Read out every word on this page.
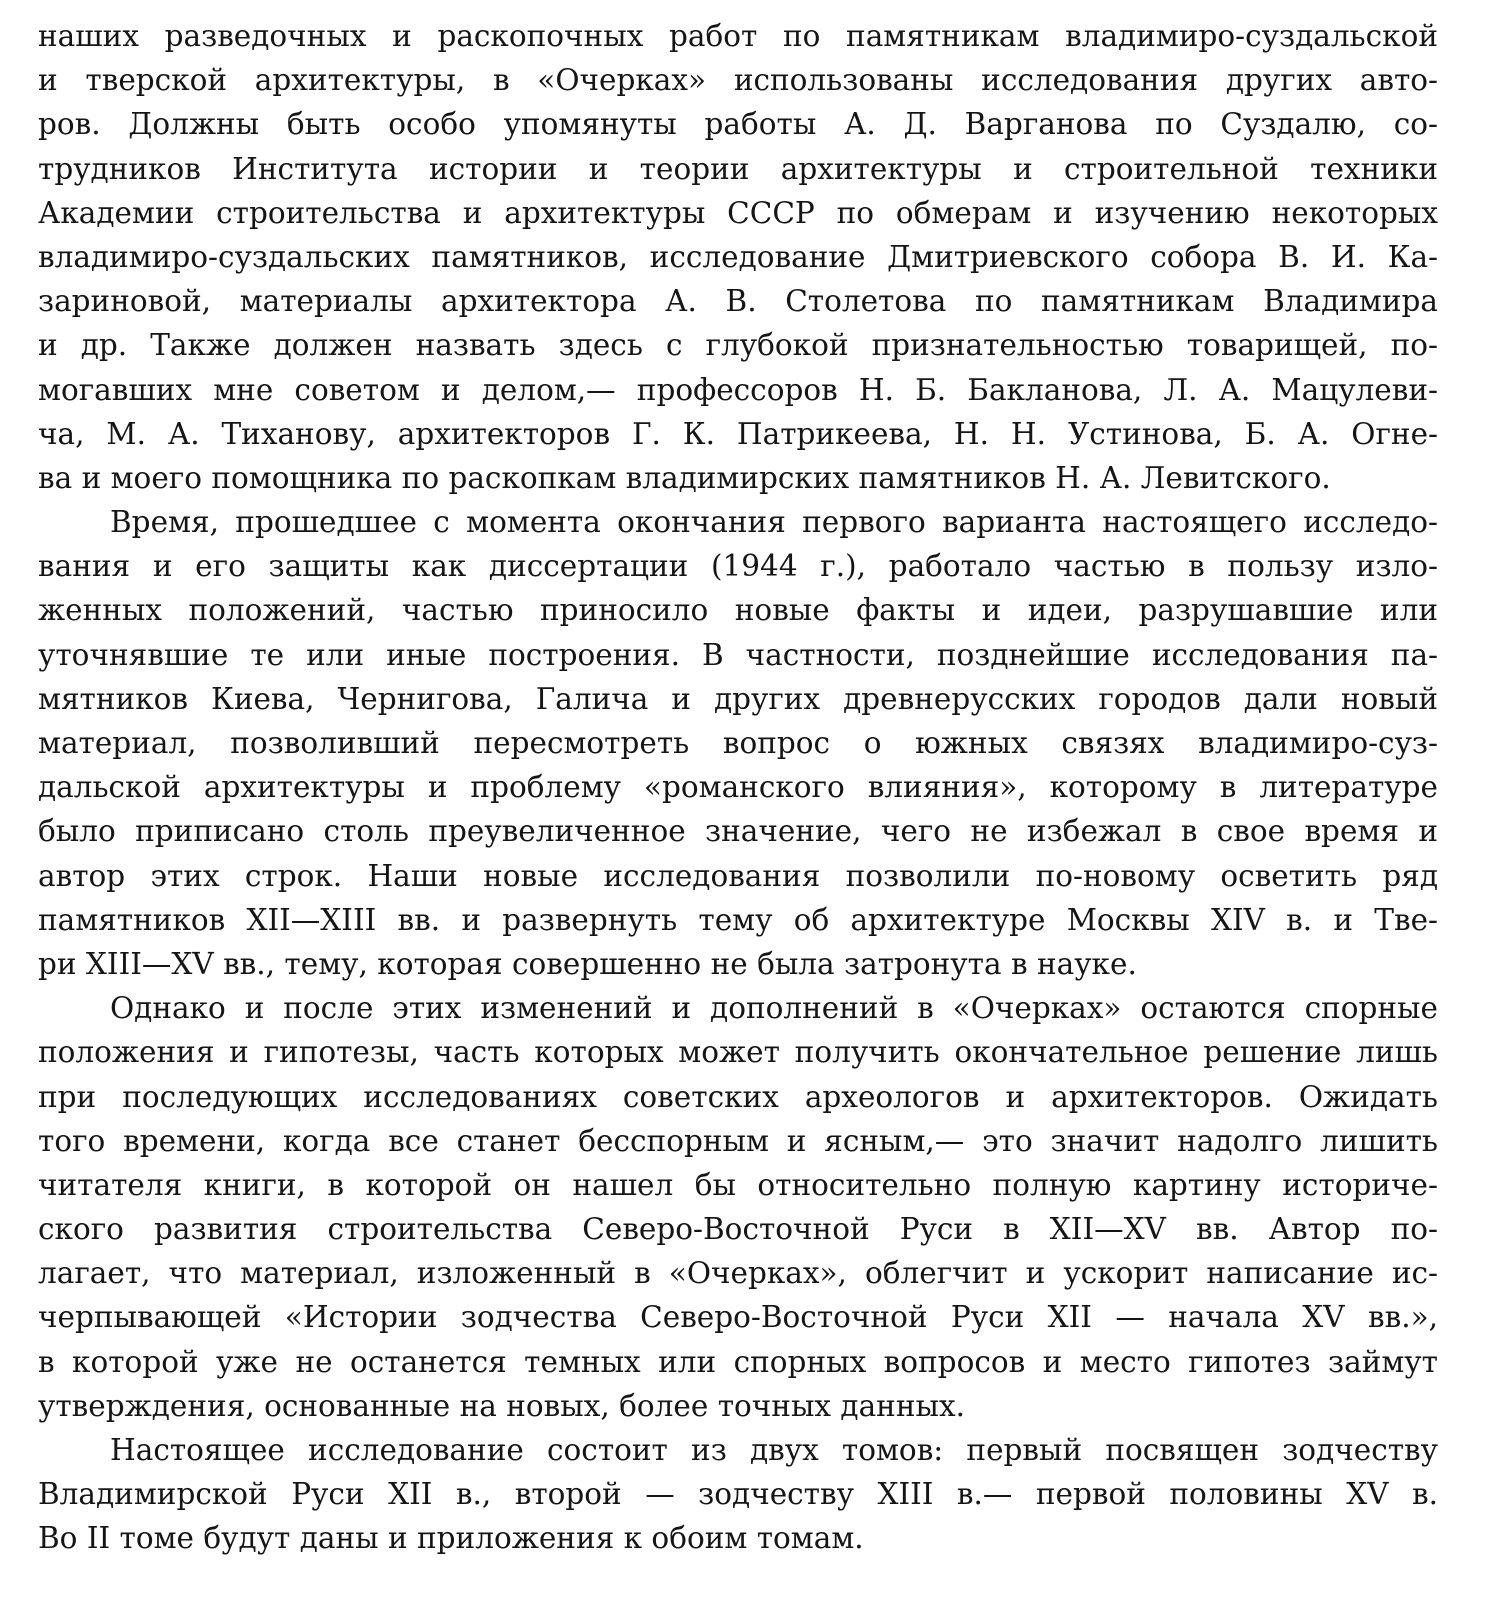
наших разведочных и раскопочных работ по памятникам владимиро-суздальской
и тверской архитектуры, в «Очерках» использованы исследования других авто-
ров. Должны быть особо упомянуты работы А. Д. Варганова по Суздалю, со-
трудников Института истории и теории архитектуры и строительной техники
Академии строительства и архитектуры СССР по обмерам и изучению некоторых
владимиро-суздальских памятников, исследование Дмитриевского собора В. И. Ка-
зариновой, материалы архитектора А. В. Столетова по памятникам Владимира
и др. Также должен назвать здесь с глубокой признательностью товарищей, по-
могавших мне советом и делом,— профессоров Н. Б. Бакланова, Л. А. Мацулеви-
ча, М. А. Тиханову, архитекторов Г. К. Патрикеева, Н. Н. Устинова, Б. А. Огне-
ва и моего помощника по раскопкам владимирских памятников Н. А. Левитского.
Время, прошедшее с момента окончания первого варианта настоящего исследо-
вания и его защиты как диссертации (1944 г.), работало частью в пользу изло-
женных положений, частью приносило новые факты и идеи, разрушавшие или
уточнявшие те или иные построения. В частности, позднейшие исследования па-
мятников Киева, Чернигова, Галича и других древнерусских городов дали новый
материал, позволивший пересмотреть вопрос о южных связях владимиро-суз-
дальской архитектуры и проблему «романского влияния», которому в литературе
было приписано столь преувеличенное значение, чего не избежал в свое время и
автор этих строк. Наши новые исследования позволили по-новому осветить ряд
памятников XII—XIII вв. и развернуть тему об архитектуре Москвы XIV в. и Тве-
ри XIII—XV вв., тему, которая совершенно не была затронута в науке.
Однако и после этих изменений и дополнений в «Очерках» остаются спорные
положения и гипотезы, часть которых может получить окончательное решение лишь
при последующих исследованиях советских археологов и архитекторов. Ожидать
того времени, когда все станет бесспорным и ясным,— это значит надолго лишить
читателя книги, в которой он нашел бы относительно полную картину историче-
ского развития строительства Северо-Восточной Руси в XII—XV вв. Автор по-
лагает, что материал, изложенный в «Очерках», облегчит и ускорит написание ис-
черпывающей «Истории зодчества Северо-Восточной Руси XII — начала XV вв.»,
в которой уже не останется темных или спорных вопросов и место гипотез займут
утверждения, основанные на новых, более точных данных.
Настоящее исследование состоит из двух томов: первый посвящен зодчеству
Владимирской Руси XII в., второй — зодчеству XIII в.— первой половины XV в.
Во II томе будут даны и приложения к обоим томам.
